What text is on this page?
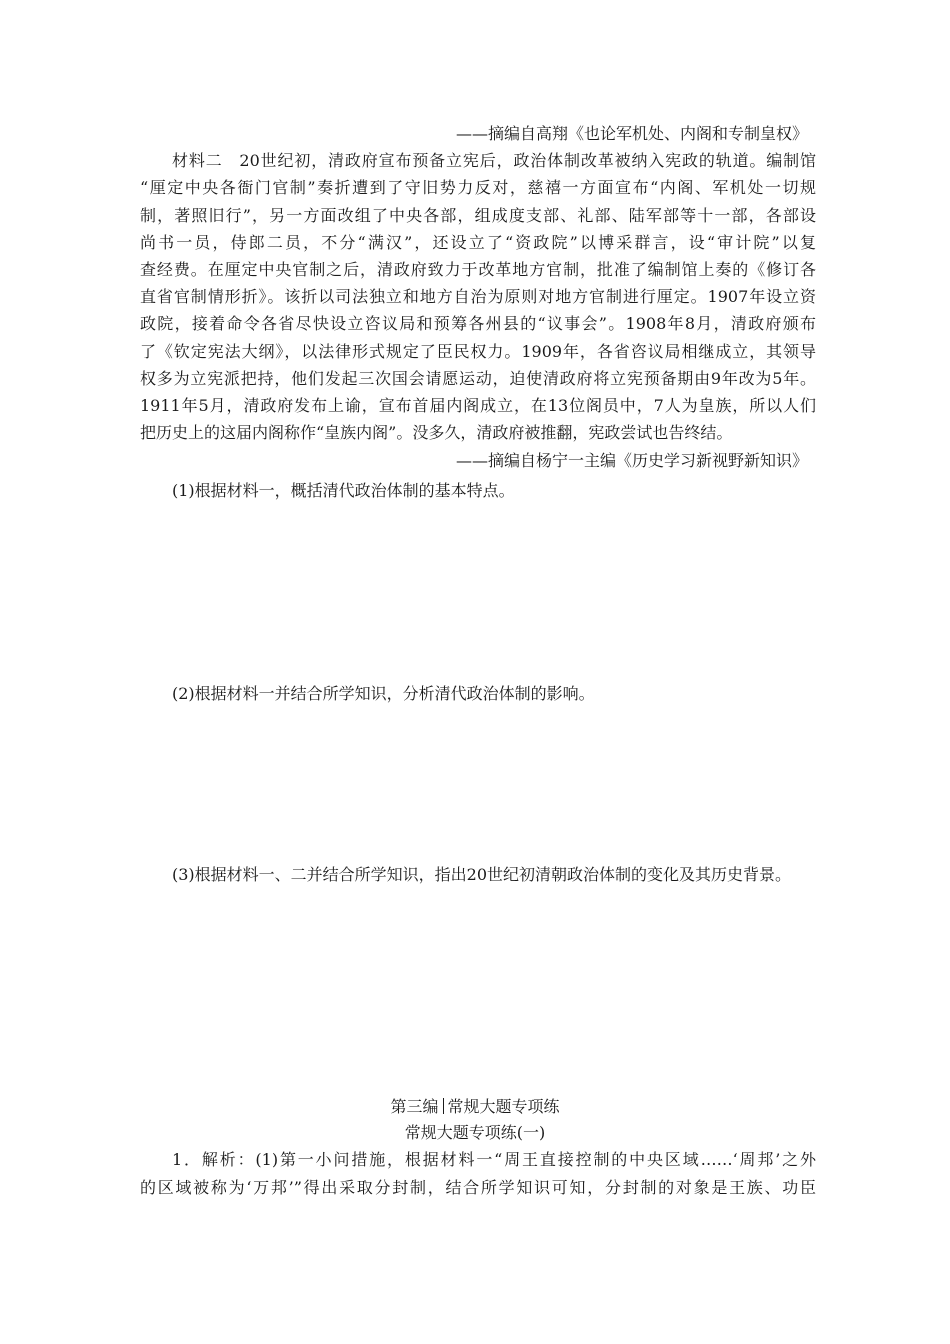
——摘编自高翔《也论军机处、内阁和专制皇权》
材料二　20世纪初，清政府宣布预备立宪后，政治体制改革被纳入宪政的轨道。编制馆
“厘定中央各衙门官制”奏折遭到了守旧势力反对，慈禧一方面宣布“内阁、军机处一切规
制，著照旧行”，另一方面改组了中央各部，组成度支部、礼部、陆军部等十一部，各部设
尚书一员，侍郎二员，不分“满汉”，还设立了“资政院”以博采群言，设“审计院”以复
查经费。在厘定中央官制之后，清政府致力于改革地方官制，批准了编制馆上奏的《修订各
直省官制情形折》。该折以司法独立和地方自治为原则对地方官制进行厘定。1907年设立资
政院，接着命令各省尽快设立咨议局和预筹各州县的“议事会”。1908年8月，清政府颁布
了《钦定宪法大纲》，以法律形式规定了臣民权力。1909年，各省咨议局相继成立，其领导
权多为立宪派把持，他们发起三次国会请愿运动，迫使清政府将立宪预备期由9年改为5年。
1911年5月，清政府发布上谕，宣布首届内阁成立，在13位阁员中，7人为皇族，所以人们
把历史上的这届内阁称作“皇族内阁”。没多久，清政府被推翻，宪政尝试也告终结。
——摘编自杨宁一主编《历史学习新视野新知识》
(1)根据材料一，概括清代政治体制的基本特点。
(2)根据材料一并结合所学知识，分析清代政治体制的影响。
(3)根据材料一、二并结合所学知识，指出20世纪初清朝政治体制的变化及其历史背景。
第三编 常规大题专项练
常规大题专项练(一)
1．解析：(1)第一小问措施，根据材料一“周王直接控制的中央区域……‘周邦’之外
的区域被称为‘万邦’”得出采取分封制，结合所学知识可知，分封制的对象是王族、功臣
